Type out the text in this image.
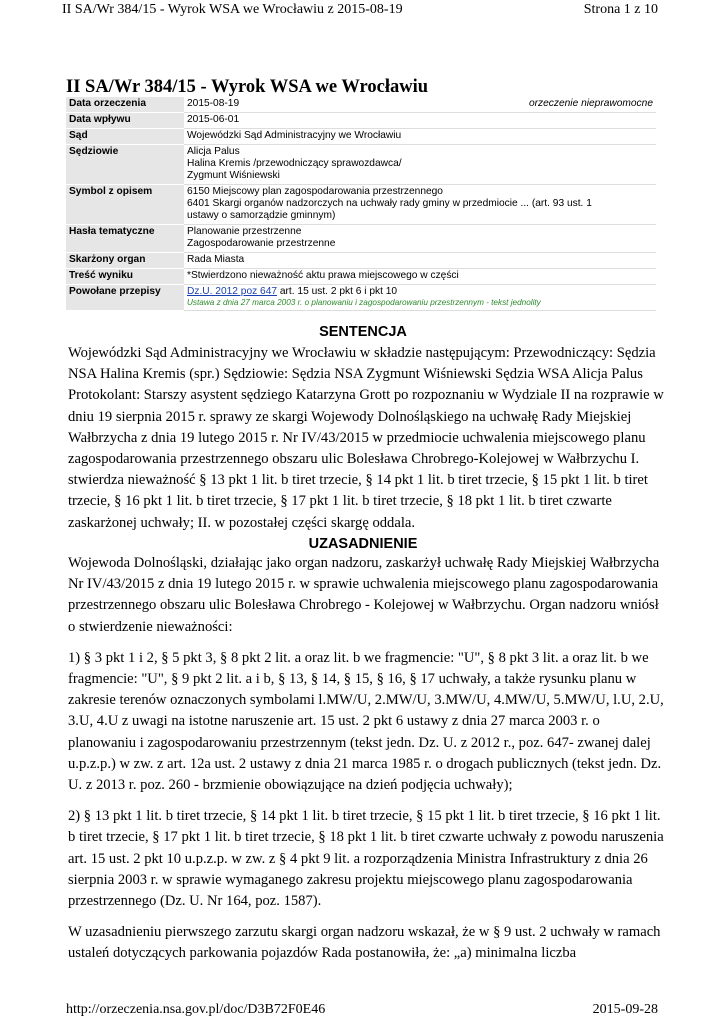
II SA/Wr 384/15 - Wyrok WSA we Wrocławiu z 2015-08-19	Strona 1 z 10
II SA/Wr 384/15 - Wyrok WSA we Wrocławiu
Data orzeczenia	2015-08-19 orzeczenie nieprawomocne

Data wpływu	2015-06-01
Sąd	Wojewódzki Sąd Administracyjny we Wrocławiu
Sędziowie	Alicja Palus
Halina Kremis /przewodniczący sprawozdawca/
Zygmunt Wiśniewski

Symbol z opisem	6150 Miejscowy plan zagospodarowania przestrzennego
6401 Skargi organów nadzorczych na uchwały rady gminy w przedmiocie ... (art. 93 ust. 1
ustawy o samorządzie gminnym)

Hasła tematyczne	Planowanie przestrzenne
Zagospodarowanie przestrzenne

Skarżony organ	Rada Miasta
Treść wyniku	*Stwierdzono nieważność aktu prawa miejscowego w części
Powołane przepisy	Dz.U. 2012 poz 647 art. 15 ust. 2 pkt 6 i pkt 10
Ustawa z dnia 27 marca 2003 r. o planowaniu i zagospodarowaniu przestrzennym - tekst jednolity
SENTENCJA

Wojewódzki Sąd Administracyjny we Wrocławiu w składzie następującym: Przewodniczący: Sędzia NSA Halina Kremis (spr.) Sędziowie: Sędzia NSA Zygmunt Wiśniewski Sędzia WSA Alicja Palus Protokolant: Starszy asystent sędziego Katarzyna Grott po rozpoznaniu w Wydziale II na rozprawie w dniu 19 sierpnia 2015 r. sprawy ze skargi Wojewody Dolnośląskiego na uchwałę Rady Miejskiej Wałbrzycha z dnia 19 lutego 2015 r. Nr IV/43/2015 w przedmiocie uchwalenia miejscowego planu zagospodarowania przestrzennego obszaru ulic Bolesława Chrobrego-Kolejowej w Wałbrzychu I. stwierdza nieważność § 13 pkt 1 lit. b tiret trzecie, § 14 pkt 1 lit. b tiret trzecie, § 15 pkt 1 lit. b tiret trzecie, § 16 pkt 1 lit. b tiret trzecie, § 17 pkt 1 lit. b tiret trzecie, § 18 pkt 1 lit. b tiret czwarte zaskarżonej uchwały; II. w pozostałej części skargę oddala.

UZASADNIENIE

Wojewoda Dolnośląski, działając jako organ nadzoru, zaskarżył uchwałę Rady Miejskiej Wałbrzycha Nr IV/43/2015 z dnia 19 lutego 2015 r. w sprawie uchwalenia miejscowego planu zagospodarowania przestrzennego obszaru ulic Bolesława Chrobrego - Kolejowej w Wałbrzychu. Organ nadzoru wniósł o stwierdzenie nieważności:

1) § 3 pkt 1 i 2, § 5 pkt 3, § 8 pkt 2 lit. a oraz lit. b we fragmencie: "U", § 8 pkt 3 lit. a oraz lit. b we fragmencie: "U", § 9 pkt 2 lit. a i b, § 13, § 14, § 15, § 16, § 17 uchwały, a także rysunku planu w zakresie terenów oznaczonych symbolami l.MW/U, 2.MW/U, 3.MW/U, 4.MW/U, 5.MW/U, l.U, 2.U, 3.U, 4.U z uwagi na istotne naruszenie art. 15 ust. 2 pkt 6 ustawy z dnia 27 marca 2003 r. o planowaniu i zagospodarowaniu przestrzennym (tekst jedn. Dz. U. z 2012 r., poz. 647- zwanej dalej u.p.z.p.) w zw. z art. 12a ust. 2 ustawy z dnia 21 marca 1985 r. o drogach publicznych (tekst jedn. Dz. U. z 2013 r. poz. 260 - brzmienie obowiązujące na dzień podjęcia uchwały);

2) § 13 pkt 1 lit. b tiret trzecie, § 14 pkt 1 lit. b tiret trzecie, § 15 pkt 1 lit. b tiret trzecie, § 16 pkt 1 lit. b tiret trzecie, § 17 pkt 1 lit. b tiret trzecie, § 18 pkt 1 lit. b tiret czwarte uchwały z powodu naruszenia art. 15 ust. 2 pkt 10 u.p.z.p. w zw. z § 4 pkt 9 lit. a rozporządzenia Ministra Infrastruktury z dnia 26 sierpnia 2003 r. w sprawie wymaganego zakresu projektu miejscowego planu zagospodarowania przestrzennego (Dz. U. Nr 164, poz. 1587).

W uzasadnieniu pierwszego zarzutu skargi organ nadzoru wskazał, że w § 9 ust. 2 uchwały w ramach ustaleń dotyczących parkowania pojazdów Rada postanowiła, że: „a) minimalna liczba

http://orzeczenia.nsa.gov.pl/doc/D3B72F0E46	2015-09-28
